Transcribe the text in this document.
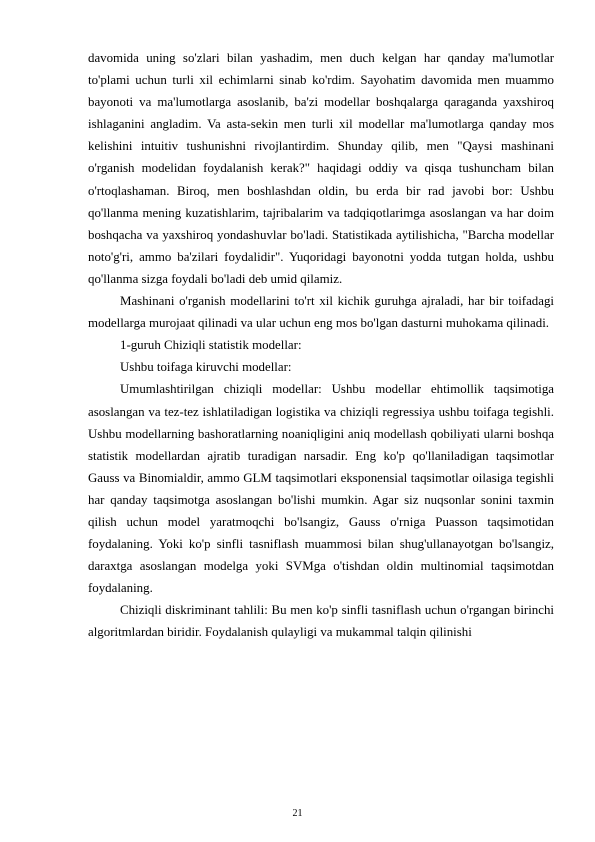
davomida uning so'zlari bilan yashadim, men duch kelgan har qanday ma'lumotlar to'plami uchun turli xil echimlarni sinab ko'rdim. Sayohatim davomida men muammo bayonoti va ma'lumotlarga asoslanib, ba'zi modellar boshqalarga qaraganda yaxshiroq ishlaganini angladim. Va asta-sekin men turli xil modellar ma'lumotlarga qanday mos kelishini intuitiv tushunishni rivojlantirdim. Shunday qilib, men "Qaysi mashinani o'rganish modelidan foydalanish kerak?" haqidagi oddiy va qisqa tushuncham bilan o'rtoqlashaman. Biroq, men boshlashdan oldin, bu erda bir rad javobi bor: Ushbu qo'llanma mening kuzatishlarim, tajribalarim va tadqiqotlarimga asoslangan va har doim boshqacha va yaxshiroq yondashuvlar bo'ladi. Statistikada aytilishicha, "Barcha modellar noto'g'ri, ammo ba'zilari foydalidir". Yuqoridagi bayonotni yodda tutgan holda, ushbu qo'llanma sizga foydali bo'ladi deb umid qilamiz.

Mashinani o'rganish modellarini to'rt xil kichik guruhga ajraladi, har bir toifadagi modellarga murojaat qilinadi va ular uchun eng mos bo'lgan dasturni muhokama qilinadi.

1-guruh Chiziqli statistik modellar:

Ushbu toifaga kiruvchi modellar:

Umumlashtirilgan chiziqli modellar: Ushbu modellar ehtimollik taqsimotiga asoslangan va tez-tez ishlatiladigan logistika va chiziqli regressiya ushbu toifaga tegishli. Ushbu modellarning bashoratlarning noaniqligini aniq modellash qobiliyati ularni boshqa statistik modellardan ajratib turadigan narsadir. Eng ko'p qo'llaniladigan taqsimotlar Gauss va Binomialdir, ammo GLM taqsimotlari eksponensial taqsimotlar oilasiga tegishli har qanday taqsimotga asoslangan bo'lishi mumkin. Agar siz nuqsonlar sonini taxmin qilish uchun model yaratmoqchi bo'lsangiz, Gauss o'rniga Puasson taqsimotidan foydalaning. Yoki ko'p sinfli tasniflash muammosi bilan shug'ullanayotgan bo'lsangiz, daraxtga asoslangan modelga yoki SVMga o'tishdan oldin multinomial taqsimotdan foydalaning.

Chiziqli diskriminant tahlili: Bu men ko'p sinfli tasniflash uchun o'rgangan birinchi algoritmlardan biridir. Foydalanish qulayligi va mukammal talqin qilinishi

21
